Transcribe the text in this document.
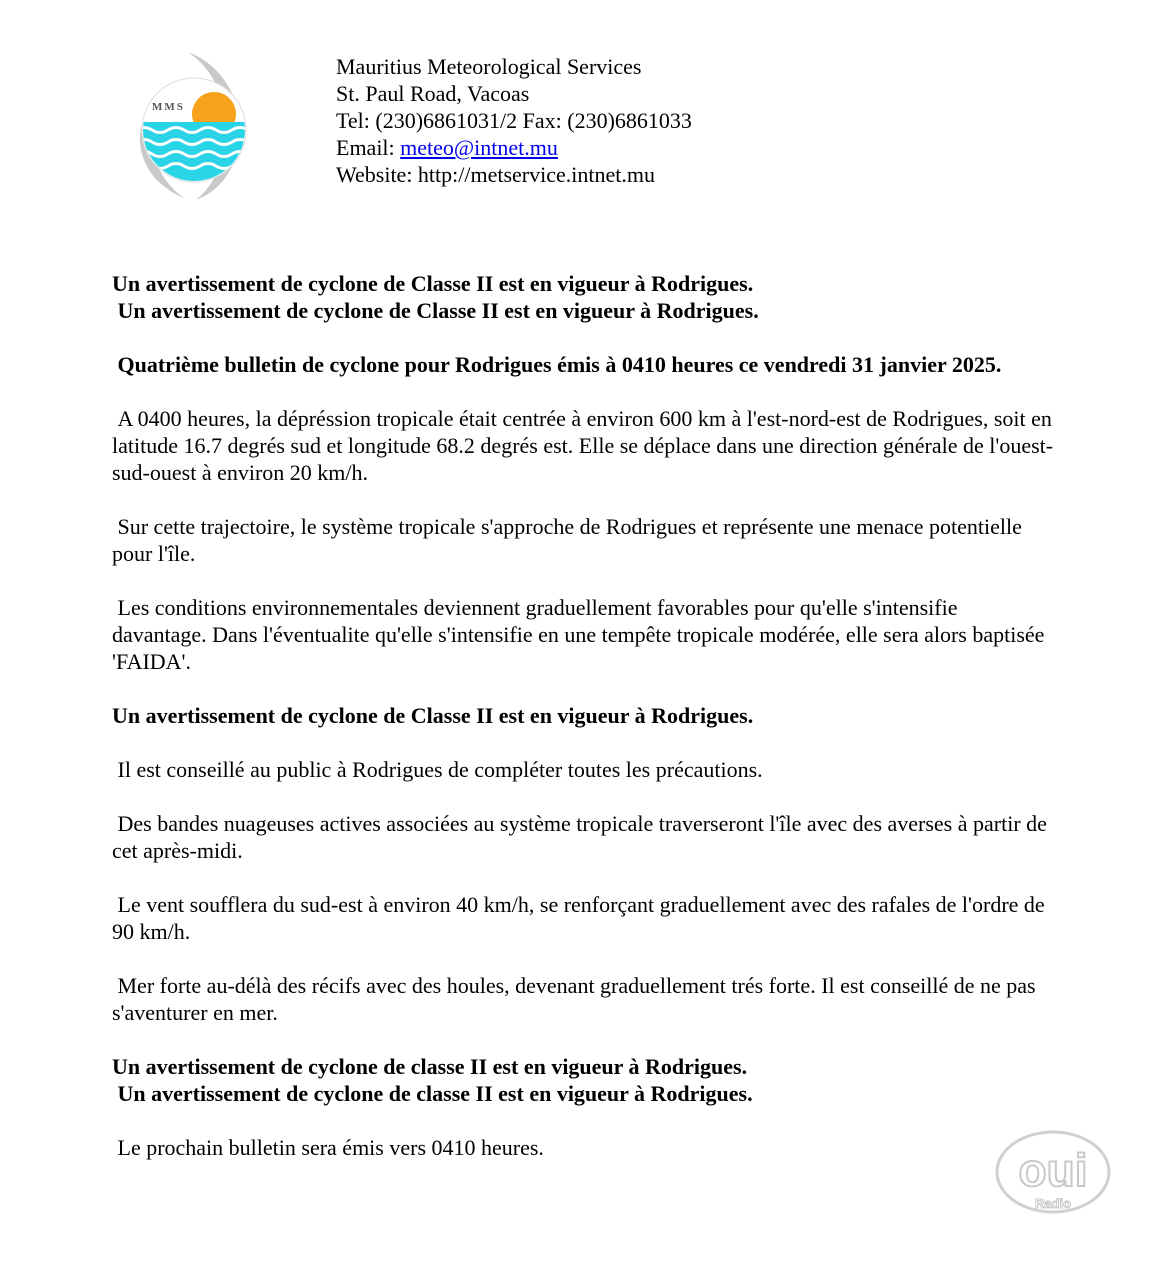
MMS
Mauritius Meteorological Services
St. Paul Road, Vacoas
Tel: (230)6861031/2 Fax: (230)6861033
Email: meteo@intnet.mu
Website: http://metservice.intnet.mu

Un avertissement de cyclone de Classe II est en vigueur à Rodrigues.

Un avertissement de cyclone de Classe II est en vigueur à Rodrigues.

Quatrième bulletin de cyclone pour Rodrigues émis à 0410 heures ce vendredi 31 janvier 2025.

A 0400 heures, la dépréssion tropicale était centrée à environ 600 km à l'est-nord-est de Rodrigues, soit en latitude 16.7 degrés sud et longitude 68.2 degrés est. Elle se déplace dans une direction générale de l'ouest-sud-ouest à environ 20 km/h.

Sur cette trajectoire, le système tropicale s'approche de Rodrigues et représente une menace potentielle pour l'île.

Les conditions environnementales deviennent graduellement favorables pour qu'elle s'intensifie davantage. Dans l'éventualite qu'elle s'intensifie en une tempête tropicale modérée, elle sera alors baptisée 'FAIDA'.

Un avertissement de cyclone de Classe II est en vigueur à Rodrigues.

Il est conseillé au public à Rodrigues de compléter toutes les précautions.

Des bandes nuageuses actives associées au système tropicale traverseront l'île avec des averses à partir de cet après-midi.

Le vent soufflera du sud-est à environ 40 km/h, se renforçant graduellement avec des rafales de l'ordre de 90 km/h.

Mer forte au-délà des récifs avec des houles, devenant graduellement trés forte. Il est conseillé de ne pas s'aventurer en mer.

Un avertissement de cyclone de classe II est en vigueur à Rodrigues.

Un avertissement de cyclone de classe II est en vigueur à Rodrigues.

Le prochain bulletin sera émis vers 0410 heures.	oui
Radio
